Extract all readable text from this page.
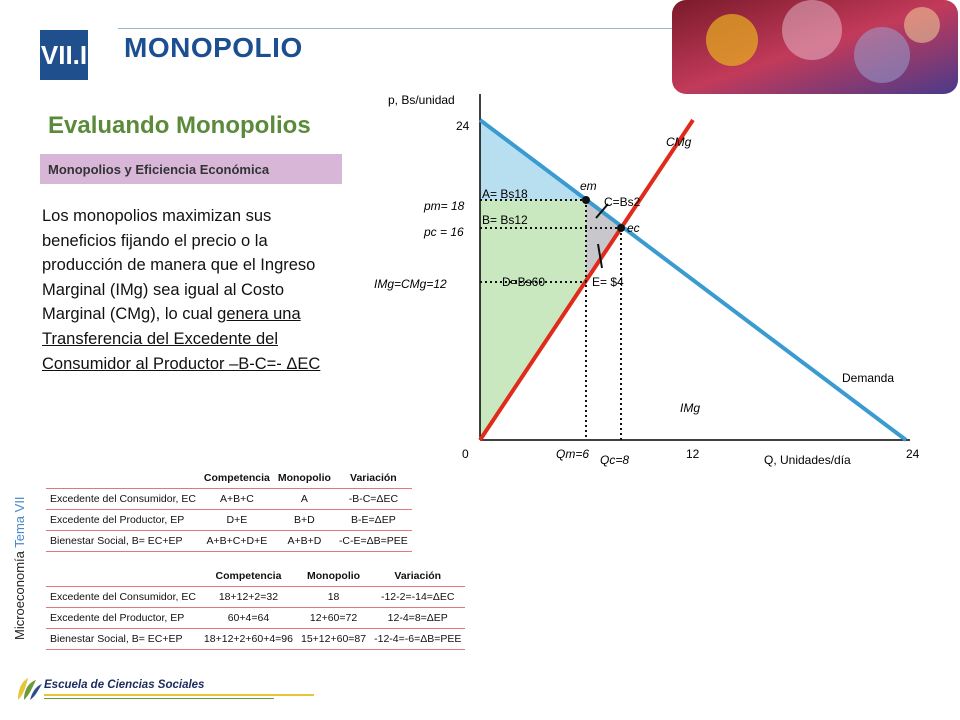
VII.I MONOPOLIO
Evaluando Monopolios
Monopolios y Eficiencia Económica
Los monopolios maximizan sus beneficios fijando el precio o la producción de manera que el Ingreso Marginal (IMg) sea igual al Costo Marginal (CMg), lo cual genera una Transferencia del Excedente del Consumidor al Productor –B-C=- ΔEC
Microeconomía Tema VII
p, Bs/unidad
24
pm= 18
pc = 16
IMg=CMg=12
0	Qm=6 Qc=8	12	Q, Unidades/día	24
A= Bs18
B= Bs12
C=Bs2
D=Bs60	E= $4
em
ec
CMg
Demanda
IMg
	Competencia	Monopolio	Variación
Excedente del Consumidor, EC	A+B+C	A	-B-C=ΔEC
Excedente del Productor, EP	D+E	B+D	B-E=ΔEP
Bienestar Social, B= EC+EP	A+B+C+D+E	A+B+D	-C-E=ΔB=PEE
	Competencia	Monopolio	Variación
Excedente del Consumidor, EC	18+12+2=32	18	-12-2=-14=ΔEC
Excedente del Productor, EP	60+4=64	12+60=72	12-4=8=ΔEP
Bienestar Social, B= EC+EP	18+12+2+60+4=96	15+12+60=87	-12-4=-6=ΔB=PEE
Escuela de Ciencias Sociales
